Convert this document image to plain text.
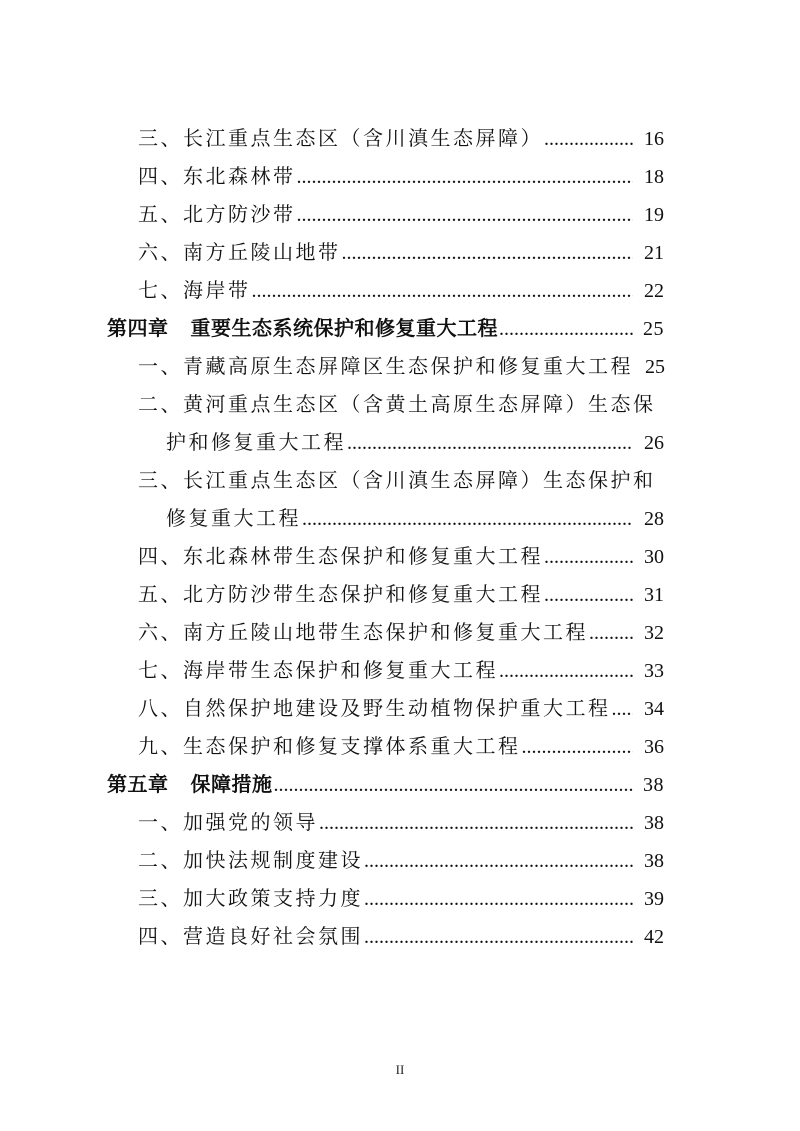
三、长江重点生态区（含川滇生态屏障） .....	16
四、东北森林带 .....	18
五、北方防沙带 .....	19
六、南方丘陵山地带 .....	21
七、海岸带 .....	22
第四章 重要生态系统保护和修复重大工程 .....	25
一、青藏高原生态屏障区生态保护和修复重大工程 25
二、黄河重点生态区（含黄土高原生态屏障）生态保
护和修复重大工程 .....	26
三、长江重点生态区（含川滇生态屏障）生态保护和
修复重大工程 .....	28
四、东北森林带生态保护和修复重大工程 .....	30
五、北方防沙带生态保护和修复重大工程 .....	31
六、南方丘陵山地带生态保护和修复重大工程 .....	32
七、海岸带生态保护和修复重大工程 .....	33
八、自然保护地建设及野生动植物保护重大工程 .....	34
九、生态保护和修复支撑体系重大工程 .....	36
第五章 保障措施 .....	38
一、加强党的领导 .....	38
二、加快法规制度建设 .....	38
三、加大政策支持力度 .....	39
四、营造良好社会氛围 .....	42
II
